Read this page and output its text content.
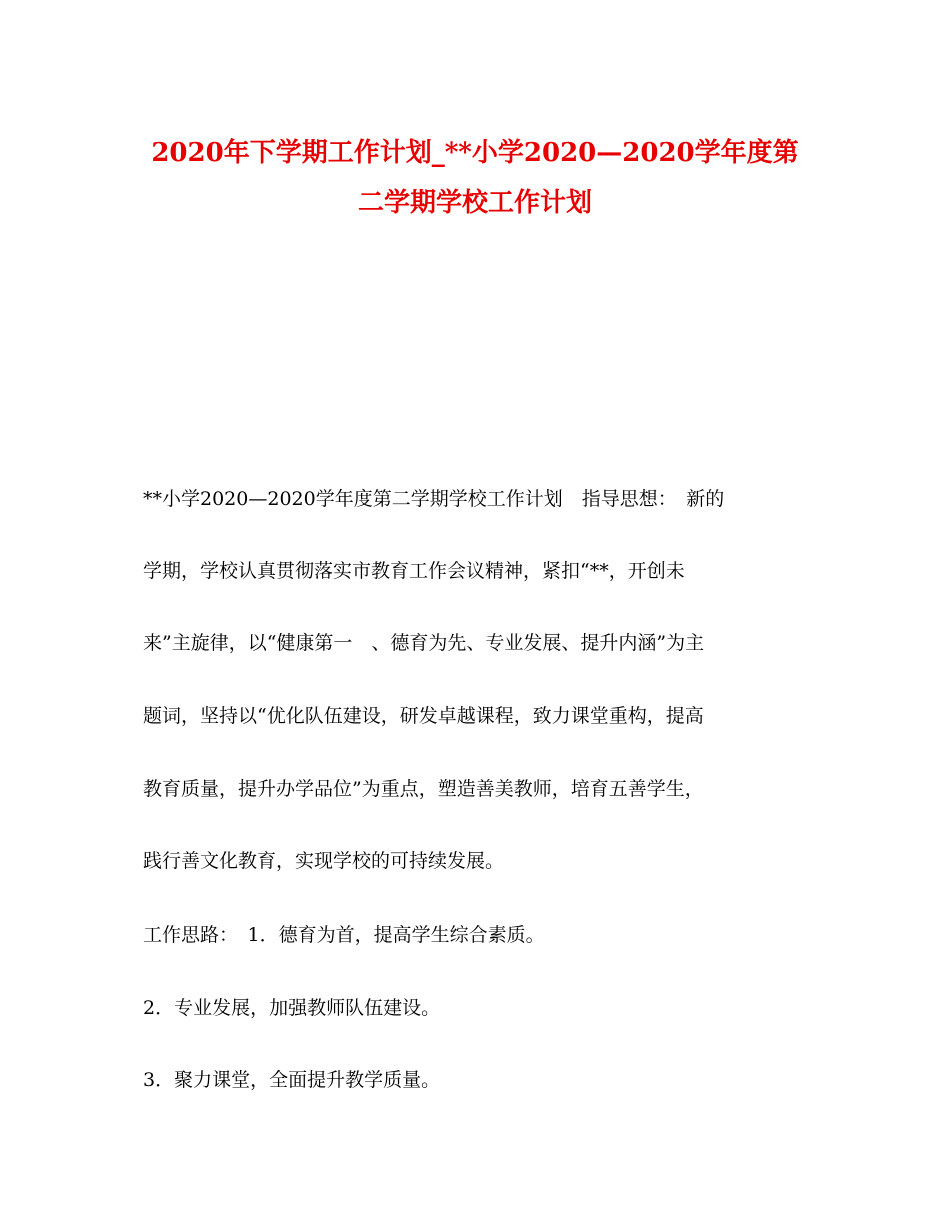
2020年下学期工作计划_**小学2020—2020学年度第
二学期学校工作计划
**小学2020—2020学年度第二学期学校工作计划　指导思想：　新的
学期，学校认真贯彻落实市教育工作会议精神，紧扣“**，开创未
来”主旋律，以“健康第一　、德育为先、专业发展、提升内涵”为主
题词，坚持以“优化队伍建设，研发卓越课程，致力课堂重构，提高
教育质量，提升办学品位”为重点，塑造善美教师，培育五善学生，
践行善文化教育，实现学校的可持续发展。
工作思路：　1．德育为首，提高学生综合素质。
2．专业发展，加强教师队伍建设。
3．聚力课堂，全面提升教学质量。
